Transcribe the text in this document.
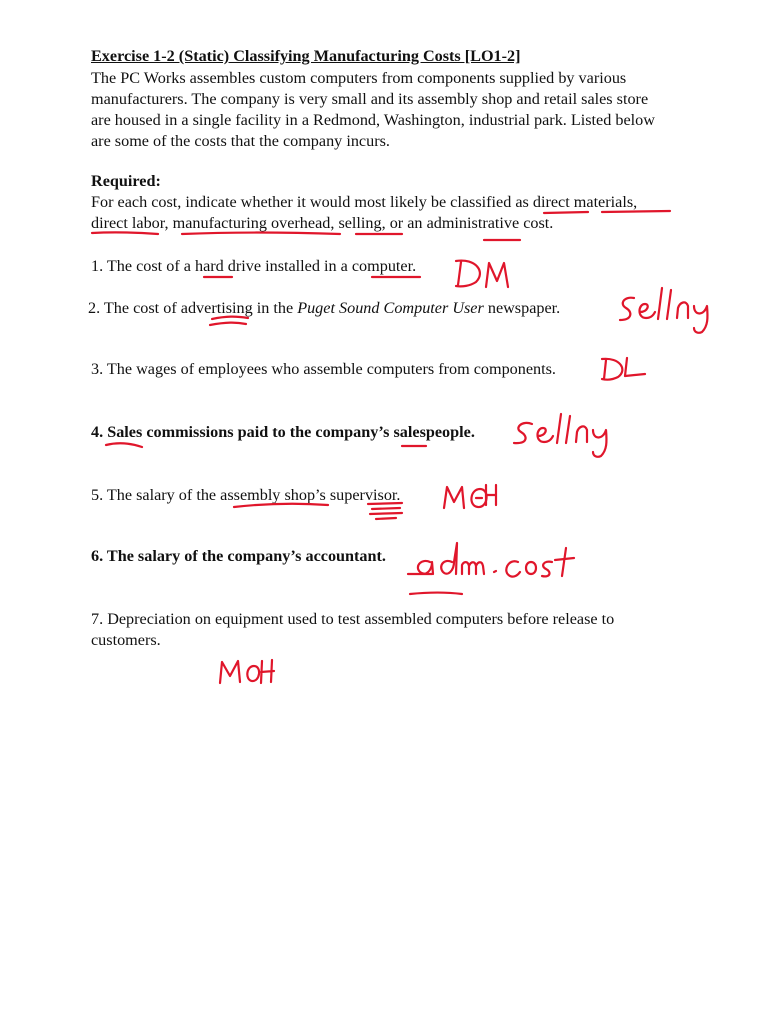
Exercise 1-2 (Static) Classifying Manufacturing Costs [LO1-2]
The PC Works assembles custom computers from components supplied by various
manufacturers. The company is very small and its assembly shop and retail sales store
are housed in a single facility in a Redmond, Washington, industrial park. Listed below
are some of the costs that the company incurs.
Required:
For each cost, indicate whether it would most likely be classified as direct materials,
direct labor, manufacturing overhead, selling, or an administrative cost.
1. The cost of a hard drive installed in a computer.
2. The cost of advertising in the Puget Sound Computer User newspaper.
3. The wages of employees who assemble computers from components.
4. Sales commissions paid to the company’s salespeople.
5. The salary of the assembly shop’s supervisor.
6. The salary of the company’s accountant.
7. Depreciation on equipment used to test assembled computers before release to
customers.
